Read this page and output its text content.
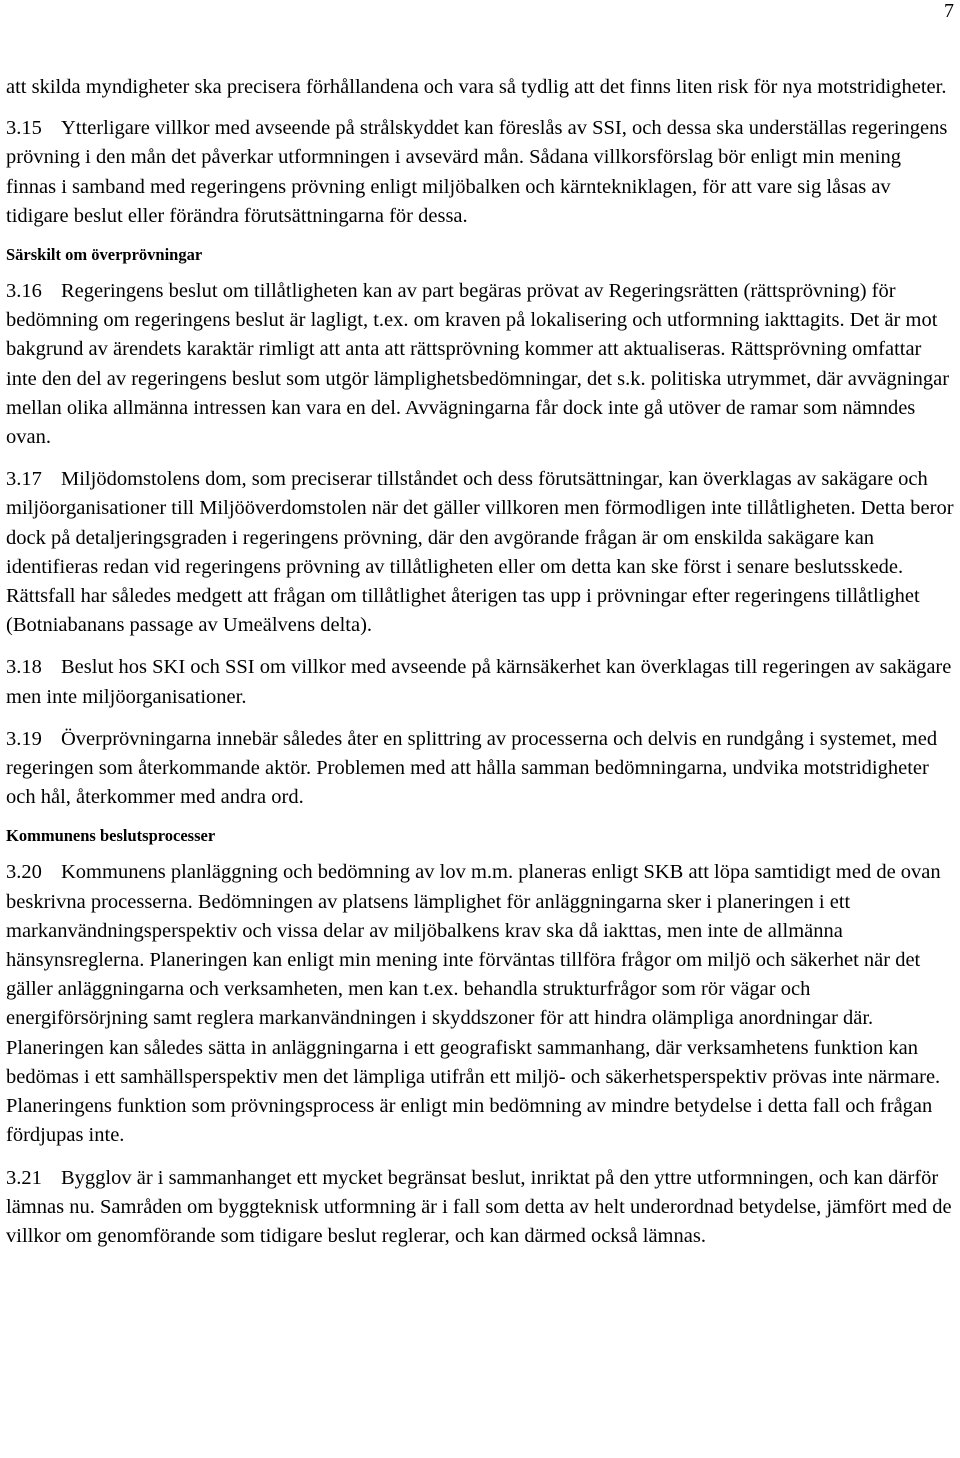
7

att skilda myndigheter ska precisera förhållandena och vara så tydlig att det finns liten risk för nya motstridigheter.

3.15 Ytterligare villkor med avseende på strålskyddet kan föreslås av SSI, och dessa ska underställas regeringens prövning i den mån det påverkar utformningen i avsevärd mån. Sådana villkorsförslag bör enligt min mening finnas i samband med regeringens prövning enligt miljöbalken och kärntekniklagen, för att vare sig låsas av tidigare beslut eller förändra förutsättningarna för dessa.

Särskilt om överprövningar

3.16 Regeringens beslut om tillåtligheten kan av part begäras prövat av Regeringsrätten (rättsprövning) för bedömning om regeringens beslut är lagligt, t.ex. om kraven på lokalisering och utformning iakttagits. Det är mot bakgrund av ärendets karaktär rimligt att anta att rättsprövning kommer att aktualiseras. Rättsprövning omfattar inte den del av regeringens beslut som utgör lämplighetsbedömningar, det s.k. politiska utrymmet, där avvägningar mellan olika allmänna intressen kan vara en del. Avvägningarna får dock inte gå utöver de ramar som nämndes ovan.

3.17 Miljödomstolens dom, som preciserar tillståndet och dess förutsättningar, kan överklagas av sakägare och miljöorganisationer till Miljööverdomstolen när det gäller villkoren men förmodligen inte tillåtligheten. Detta beror dock på detaljeringsgraden i regeringens prövning, där den avgörande frågan är om enskilda sakägare kan identifieras redan vid regeringens prövning av tillåtligheten eller om detta kan ske först i senare beslutsskede. Rättsfall har således medgett att frågan om tillåtlighet återigen tas upp i prövningar efter regeringens tillåtlighet (Botniabanans passage av Umeälvens delta).

3.18 Beslut hos SKI och SSI om villkor med avseende på kärnsäkerhet kan överklagas till regeringen av sakägare men inte miljöorganisationer.

3.19 Överprövningarna innebär således åter en splittring av processerna och delvis en rundgång i systemet, med regeringen som återkommande aktör. Problemen med att hålla samman bedömningarna, undvika motstridigheter och hål, återkommer med andra ord.

Kommunens beslutsprocesser

3.20 Kommunens planläggning och bedömning av lov m.m. planeras enligt SKB att löpa samtidigt med de ovan beskrivna processerna. Bedömningen av platsens lämplighet för anläggningarna sker i planeringen i ett markanvändningsperspektiv och vissa delar av miljöbalkens krav ska då iakttas, men inte de allmänna hänsynsreglerna. Planeringen kan enligt min mening inte förväntas tillföra frågor om miljö och säkerhet när det gäller anläggningarna och verksamheten, men kan t.ex. behandla strukturfrågor som rör vägar och energiförsörjning samt reglera markanvändningen i skyddszoner för att hindra olämpliga anordningar där. Planeringen kan således sätta in anläggningarna i ett geografiskt sammanhang, där verksamhetens funktion kan bedömas i ett samhällsperspektiv men det lämpliga utifrån ett miljö- och säkerhetsperspektiv prövas inte närmare. Planeringens funktion som prövningsprocess är enligt min bedömning av mindre betydelse i detta fall och frågan fördjupas inte.

3.21 Bygglov är i sammanhanget ett mycket begränsat beslut, inriktat på den yttre utformningen, och kan därför lämnas nu. Samråden om byggteknisk utformning är i fall som detta av helt underordnad betydelse, jämfört med de villkor om genomförande som tidigare beslut reglerar, och kan därmed också lämnas.
